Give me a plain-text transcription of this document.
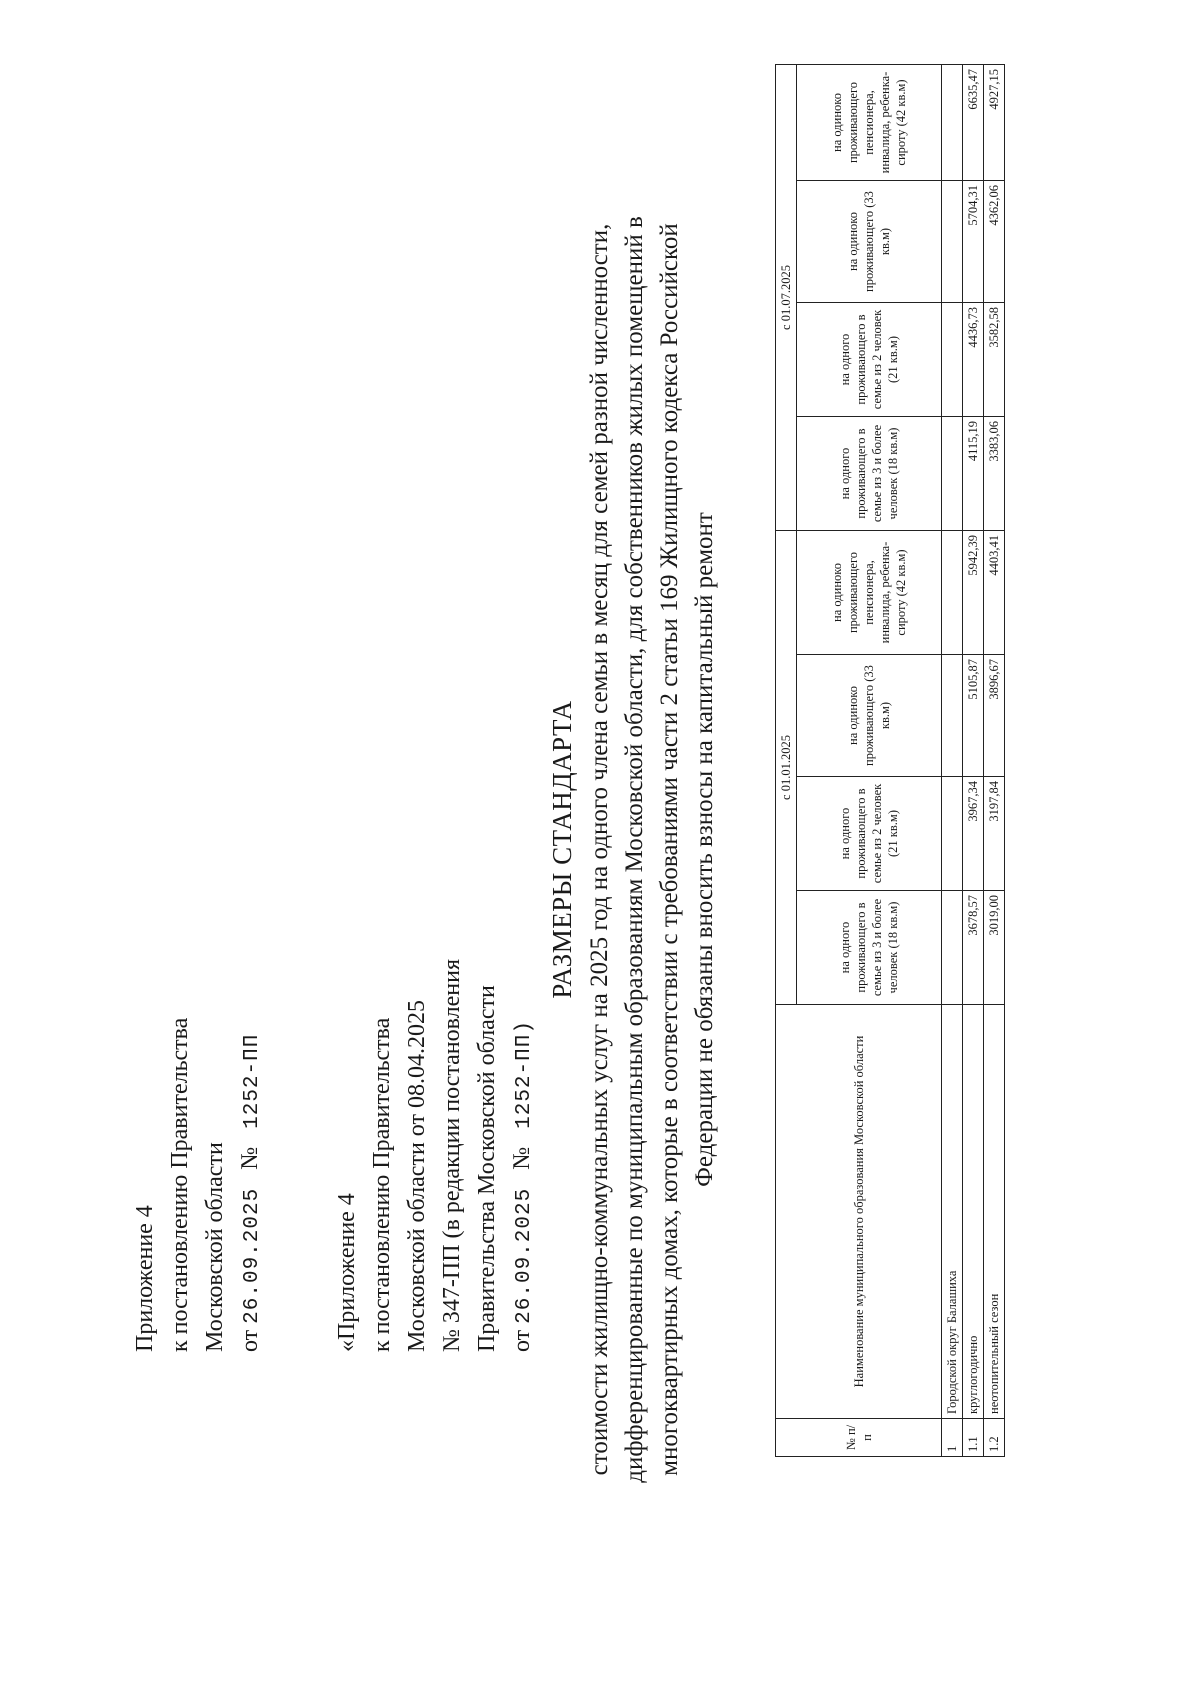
Приложение 4 к постановлению Правительства Московской области от 26.09.2025   №   1252-ПП
«Приложение 4 к постановлению Правительства Московской области от 08.04.2025 № 347-ПП (в редакции постановления Правительства Московской области от 26.09.2025   №   1252-ПП)
РАЗМЕРЫ СТАНДАРТА стоимости жилищно-коммунальных услуг на 2025 год на одного члена семьи в месяц для семей разной численности, дифференцированные по муниципальным образованиям Московской области, для собственников жилых помещений в многоквартирных домах, которые в соответствии с требованиями части 2 статьи 169 Жилищного кодекса Российской Федерации не обязаны вносить взносы на капитальный ремонт
№ п/п	Наименование муниципального образования Московской области	с 01.01.2025				с 01.07.2025			
		на одного проживающего в семье из 3 и более человек (18 кв.м)	на одного проживающего в семье из 2 человек (21 кв.м)	на одиноко проживающего (33 кв.м)	на одиноко проживающего пенсионера, инвалида, ребенка-сироту (42 кв.м)	на одного проживающего в семье из 3 и более человек (18 кв.м)	на одного проживающего в семье из 2 человек (21 кв.м)	на одиноко проживающего (33 кв.м)	на одиноко проживающего пенсионера, инвалида, ребенка-сироту (42 кв.м)
1	Городской округ Балашиха								
1.1	круглогодично	3678,57	3967,34	5105,87	5942,39	4115,19	4436,73	5704,31	6635,47
1.2	неотопительный сезон	3019,00	3197,84	3896,67	4403,41	3383,06	3582,58	4362,06	4927,15
